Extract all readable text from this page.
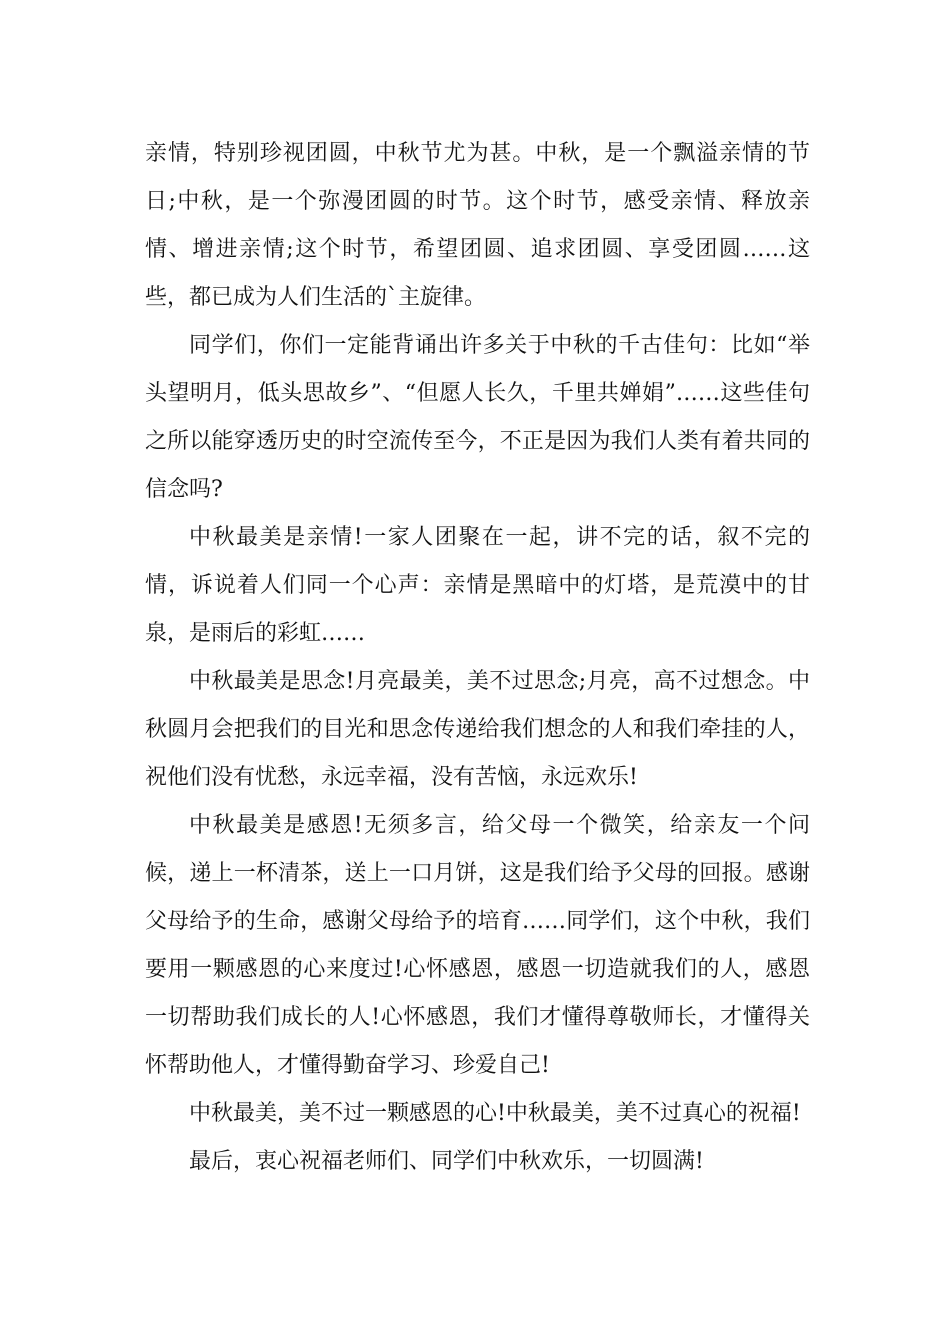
亲情，特别珍视团圆，中秋节尤为甚。中秋，是一个飘溢亲情的节日;中秋，是一个弥漫团圆的时节。这个时节，感受亲情、释放亲情、增进亲情;这个时节，希望团圆、追求团圆、享受团圆……这些，都已成为人们生活的`主旋律。

同学们，你们一定能背诵出许多关于中秋的千古佳句：比如“举头望明月，低头思故乡”、“但愿人长久，千里共婵娟”……这些佳句之所以能穿透历史的时空流传至今，不正是因为我们人类有着共同的信念吗?

中秋最美是亲情!一家人团聚在一起，讲不完的话，叙不完的情，诉说着人们同一个心声：亲情是黑暗中的灯塔，是荒漠中的甘泉，是雨后的彩虹……

中秋最美是思念!月亮最美，美不过思念;月亮，高不过想念。中秋圆月会把我们的目光和思念传递给我们想念的人和我们牵挂的人，祝他们没有忧愁，永远幸福，没有苦恼，永远欢乐!

中秋最美是感恩!无须多言，给父母一个微笑，给亲友一个问候，递上一杯清茶，送上一口月饼，这是我们给予父母的回报。感谢父母给予的生命，感谢父母给予的培育……同学们，这个中秋，我们要用一颗感恩的心来度过!心怀感恩，感恩一切造就我们的人，感恩一切帮助我们成长的人!心怀感恩，我们才懂得尊敬师长，才懂得关怀帮助他人，才懂得勤奋学习、珍爱自己!

中秋最美，美不过一颗感恩的心!中秋最美，美不过真心的祝福!

最后，衷心祝福老师们、同学们中秋欢乐，一切圆满!
